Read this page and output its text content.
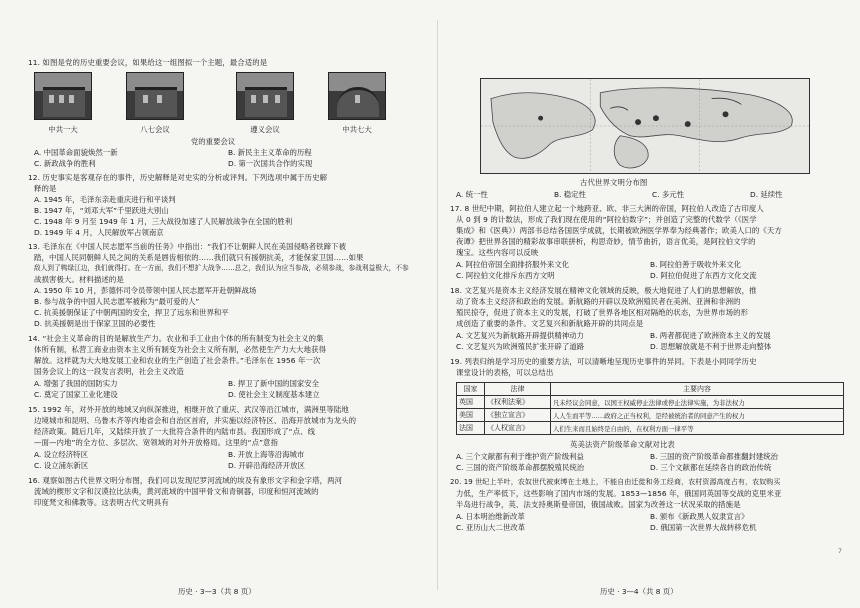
11. 如图是党的历史重要会议，如果给这一组图拟一个主题，最合适的是
中共一大	八七会议	遵义会议	中共七大
党的重要会议
A. 中国革命面貌焕然一新	B. 新民主主义革命的历程
C. 新政战争的胜利	D. 第一次国共合作的实现
12. 历史事实是客观存在的事件，历史解释是对史实的分析或评判。下列选项中属于历史解
释的是
A. 1945 年，毛泽东亲赴重庆进行和平谈判
B. 1947 年，“刘邓大军”千里跃进大别山
C. 1948 年 9 月至 1949 年 1 月，三大战役加速了人民解放战争在全国的胜利
D. 1949 年 4 月，人民解放军占领南京
13. 毛泽东在《中国人民志愿军当前的任务》中指出：“我们不让朝鲜人民在美国侵略者铁蹄下被
踏，中国人民同朝鲜人民之间的关系是唇齿相依的……我们就只有援朝抗美，才能保家卫国……如果
敌人到了鸭绿江边，我们就得打。在一方面，我们不想扩大战争……总之，我们认为应当参战，必须参战，参战利益极大，不参
战损害极大。材料描述的是
A. 1950 年 10 月，彭德怀司令员带领中国人民志愿军开赴朝鲜战场
B. 参与战争的中国人民志愿军被称为“最可爱的人”
C. 抗美援朝保证了中朝两国的安全，捍卫了远东和世界和平
D. 抗美援朝是出于保家卫国的必要性
14. “社会主义革命的目的是解放生产力。农业和手工业由个体的所有制变为社会主义的集
体所有制，私营工商业由资本主义所有制变为社会主义所有制，必然使生产力大大地获得
解放。这样就为大大地发展工业和农业的生产创造了社会条件。”毛泽东在 1956 年一次
国务会议上的这一段发言表明，社会主义改造
A. 增强了我国的国防实力	B. 捍卫了新中国的国家安全
C. 奠定了国家工业化建设	D. 使社会主义制度基本建立
15. 1992 年，对外开放的地域又向纵深推进，相继开放了重庆、武汉等沿江城市，满洲里等陆地
边境城市和昆明、乌鲁木齐等内地省会和自治区首府，并实施以经济特区、沿海开放城市为龙头的
经济政策。随后几年，又陆续开放了一大批符合条件的内陆市县。我国形成了“点、线
—面—内地”的全方位、多层次、宽领域的对外开放格局。这里的“点”意指
A. 设立经济特区	B. 开放上海等沿海城市
C. 设立浦东新区	D. 开辟沿海经济开放区
16. 观察如图古代世界文明分布图，我们可以发现尼罗河流域的埃及有象形文字和金字塔，两河
流域的楔形文字和汉谟拉比法典，黄河流域的中国甲骨文和青铜器，印度和恒河流域的
印度梵文和佛教等。这表明古代文明具有
历史 · 3—3（共 8 页）
古代世界文明分布图
A. 统一性	B. 稳定性	C. 多元性	D. 延续性
17. 8 世纪中期，阿拉伯人建立起一个地跨亚、欧、非三大洲的帝国，阿拉伯人改造了古印度人
从 0 到 9 的计数法，形成了我们现在使用的“阿拉伯数字”；并创造了完整的代数学（《医学
集成》和《医典》）两部书总结各国医学成就，长期被欧洲医学界奉为经典著作；欧美人口的《天方
夜谭》把世界各国的精彩故事串联拼析，构思奇妙，情节曲折，语言优美，是阿拉伯文学的
瑰宝。这些内容可以反映
A. 阿拉伯帝国全面排挤服外来文化	B. 阿拉伯善于吸收外来文化
C. 阿拉伯文化排斥东西方文明	D. 阿拉伯促进了东西方文化交流
18. 文艺复兴是资本主义经济发展在精神文化领域的反映，极大地促进了人们的思想解放，推
动了资本主义经济和政治的发展。新航路的开辟以及欧洲殖民者在美洲、亚洲和非洲的
殖民掠夺，促进了资本主义的发展，打破了世界各地区相对隔绝的状态，为世界市场的形
成创造了重要的条件。文艺复兴和新航路开辟的共同点是
A. 文艺复兴为新航路开辟提供精神动力	B. 两者都促进了欧洲资本主义的发展
C. 文艺复兴为欧洲殖民扩张开辟了道路	D. 思想解放就是不利于世界走向整体
19. 列表归纳是学习历史的重要方法，可以清晰地呈现历史事件的异同。下表是小同同学历史
课堂设计的表格，可以总结出
国家	法律	主要内容
英国	《权利法案》	凡未经议会同意，以国王权威停止法律或停止法律实施，为非法权力
美国	《独立宣言》	人人生而平等……政府之正当权利，是经被统治者的同意产生的权力
法国	《人权宣言》	人们生来而且始终是自由的，在权利方面一律平等
英美法资产阶级革命文献对比表
A. 三个文献都有利于维护资产阶级利益	B. 三国的资产阶级革命都推翻封建统治
C. 三国的资产阶级革命都摆脱殖民统治	D. 三个文献都在延续各自的政治传统
20. 19 世纪上半叶，农奴世代被束缚在土地上，不能自由迁徙和务工经商，农村资源高度占有，农奴购买
力低，生产率低下，这些影响了国内市场的发展。1853—1856 年，俄国同英国等交战的克里米亚
半岛进行战争，英、法支持奥斯曼帝国，俄国战败。国家为改善这一状况采取的措施是
A. 日本明治维新改革	B. 颁布《新政黑人奴隶宣言》
C. 亚历山大二世改革	D. 俄国第一次世界大战转移危机
7
历史 · 3—4（共 8 页）
